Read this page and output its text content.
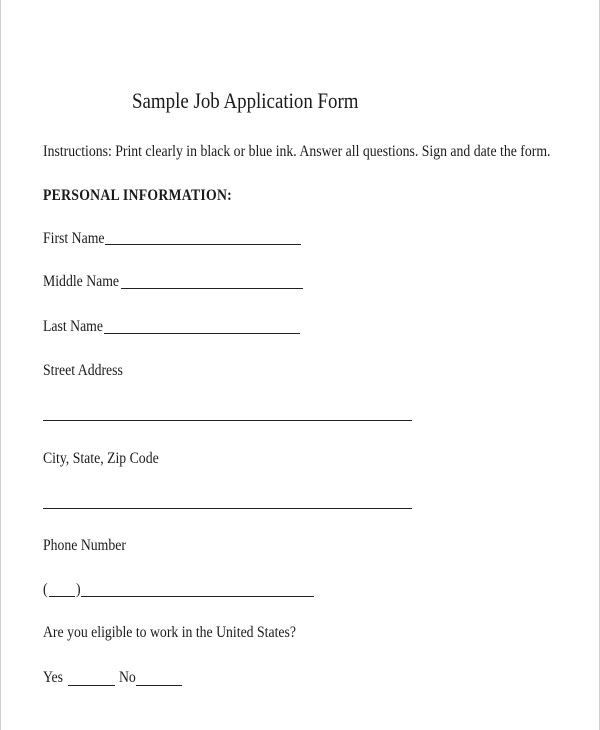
Sample Job Application Form
Instructions: Print clearly in black or blue ink. Answer all questions. Sign and date the form.
PERSONAL INFORMATION:
First Name
Middle Name
Last Name
Street Address
City, State, Zip Code
Phone Number
( )
Are you eligible to work in the United States?
Yes	No
